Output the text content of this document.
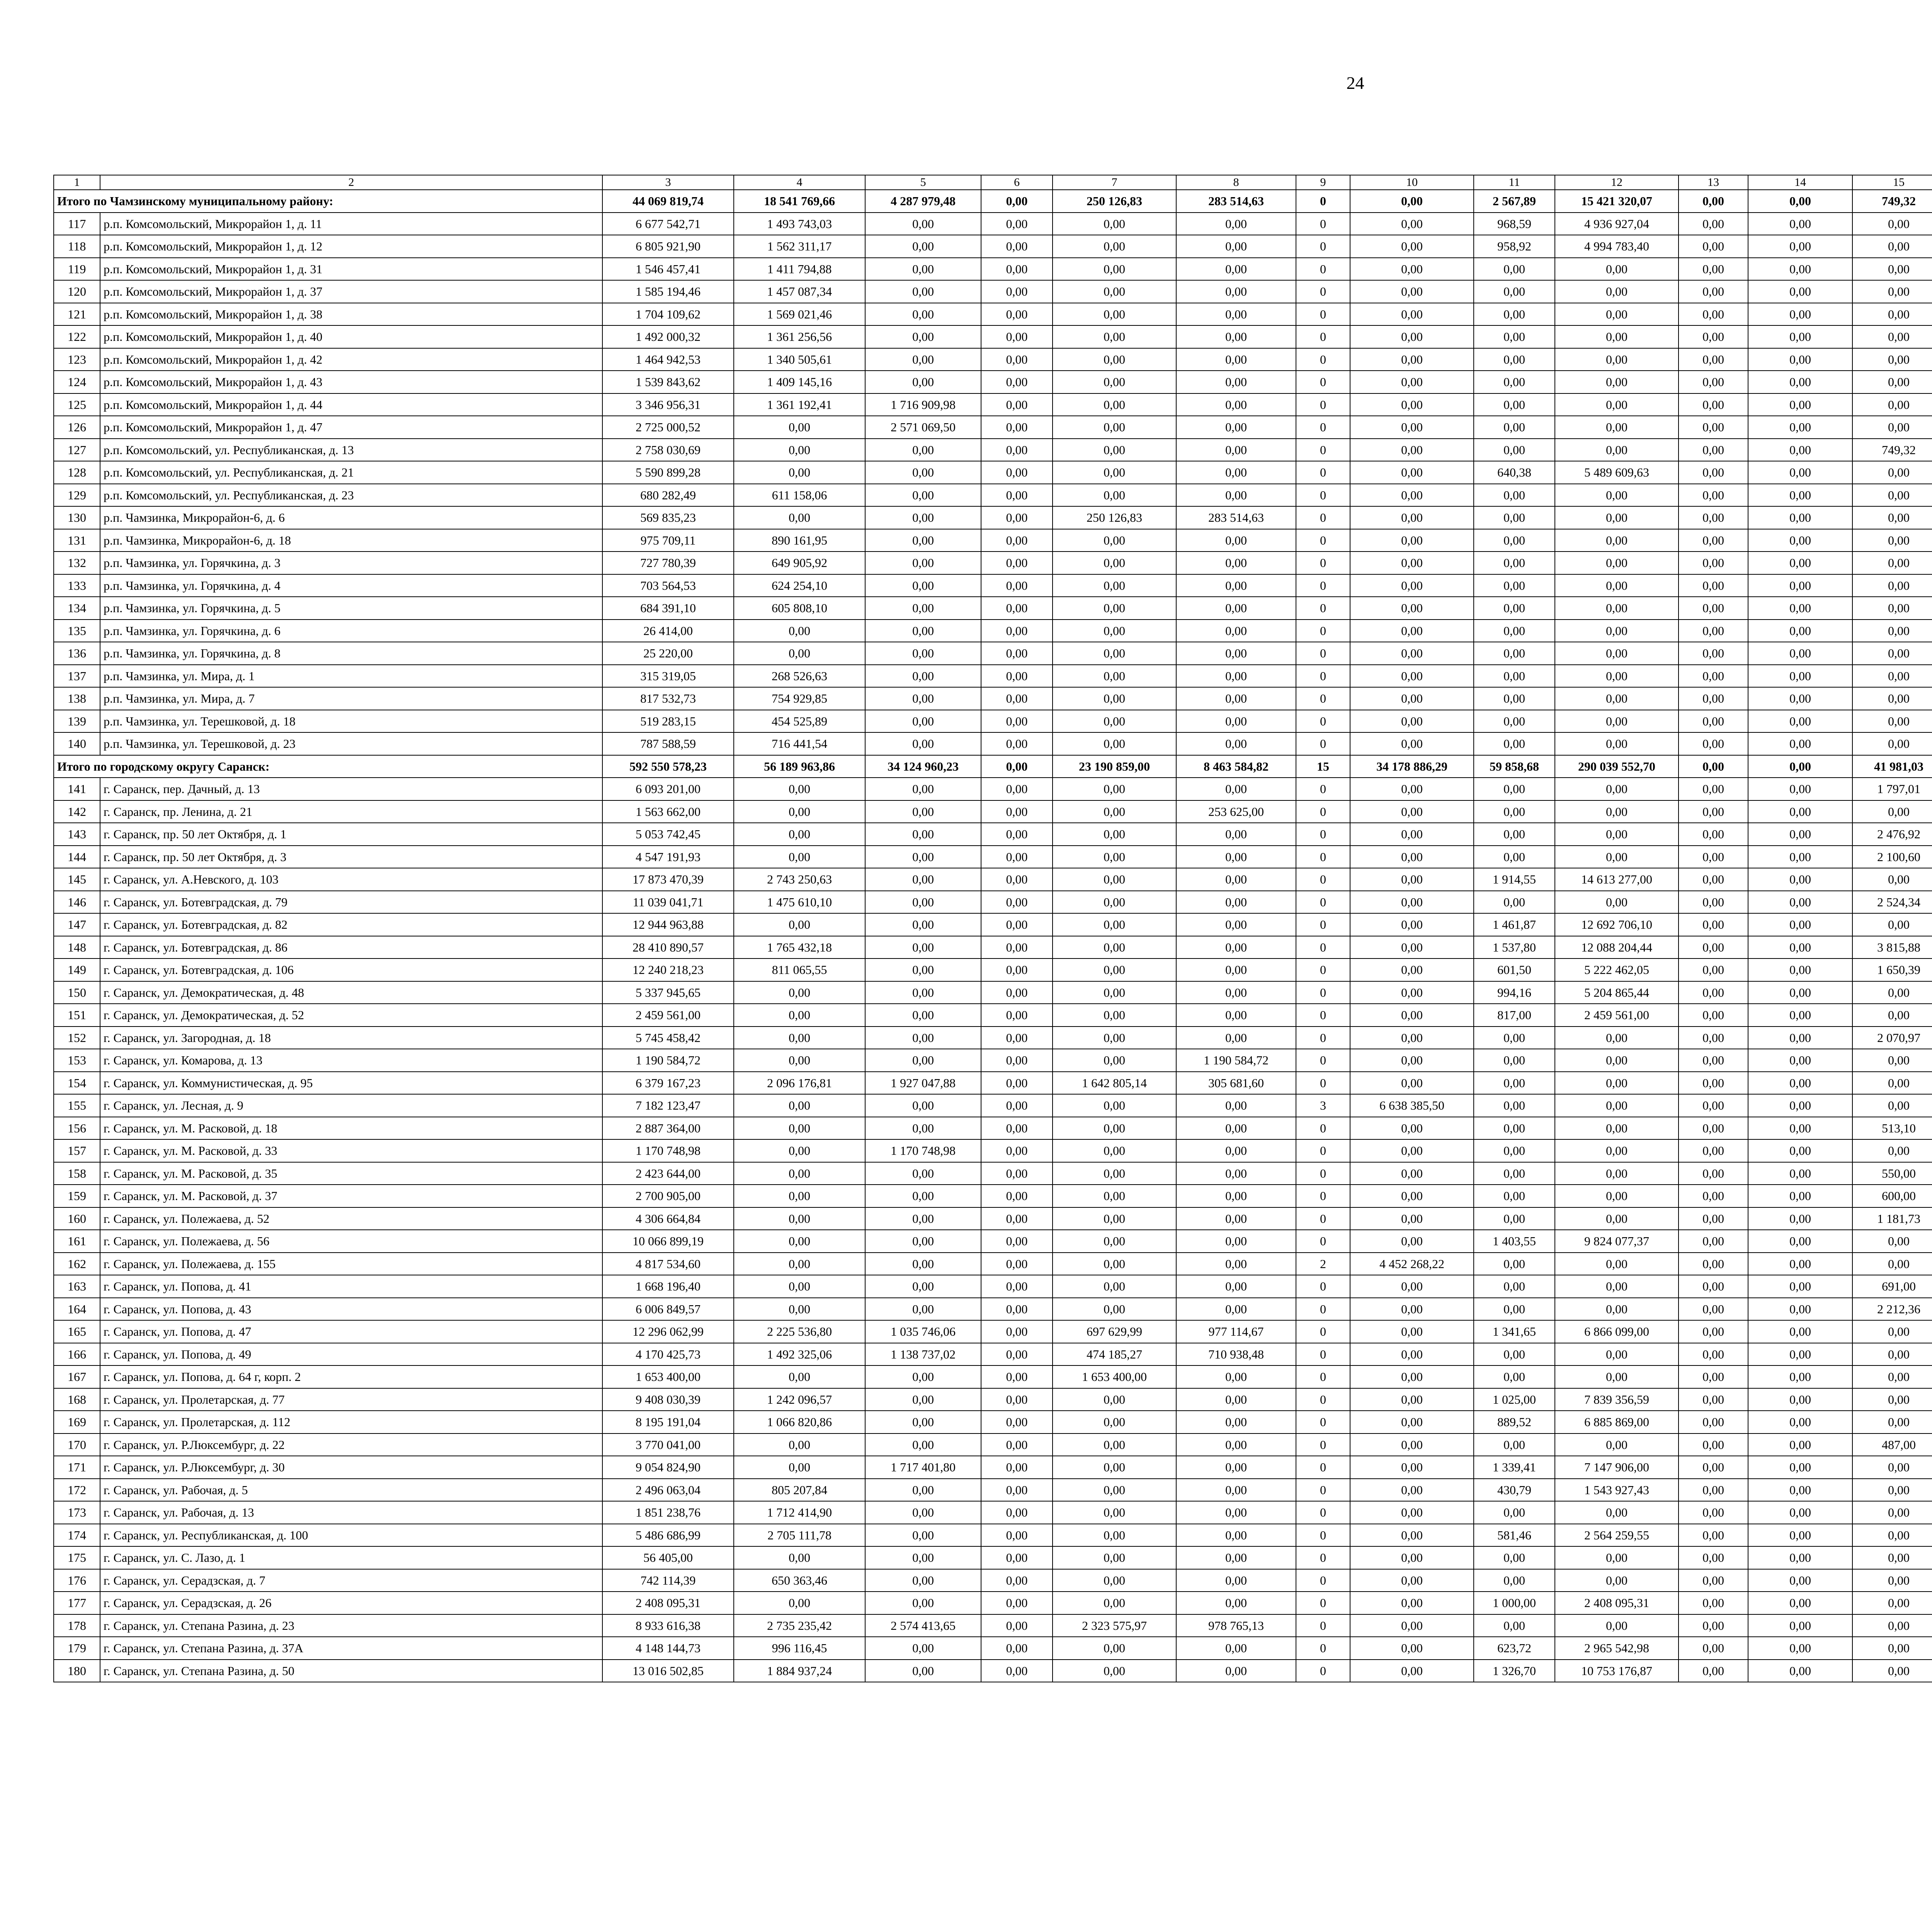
24
1	2	3	4	5	6	7	8	9	10	11	12	13	14	15						
Итого по Чамзинскому муниципальному району:		44 069 819,74	18 541 769,66	4 287 979,48	0,00	250 126,83	283 514,63	0	0,00	2 567,89	15 421 320,07	0,00	0,00	749,32						
117	р.п. Комсомольский, Микрорайон 1, д. 11	6 677 542,71	1 493 743,03	0,00	0,00	0,00	0,00	0	0,00	968,59	4 936 927,04	0,00	0,00	0,00						
118	р.п. Комсомольский, Микрорайон 1, д. 12	6 805 921,90	1 562 311,17	0,00	0,00	0,00	0,00	0	0,00	958,92	4 994 783,40	0,00	0,00	0,00						
119	р.п. Комсомольский, Микрорайон 1, д. 31	1 546 457,41	1 411 794,88	0,00	0,00	0,00	0,00	0	0,00	0,00	0,00	0,00	0,00	0,00						
120	р.п. Комсомольский, Микрорайон 1, д. 37	1 585 194,46	1 457 087,34	0,00	0,00	0,00	0,00	0	0,00	0,00	0,00	0,00	0,00	0,00						
121	р.п. Комсомольский, Микрорайон 1, д. 38	1 704 109,62	1 569 021,46	0,00	0,00	0,00	0,00	0	0,00	0,00	0,00	0,00	0,00	0,00						
122	р.п. Комсомольский, Микрорайон 1, д. 40	1 492 000,32	1 361 256,56	0,00	0,00	0,00	0,00	0	0,00	0,00	0,00	0,00	0,00	0,00						
123	р.п. Комсомольский, Микрорайон 1, д. 42	1 464 942,53	1 340 505,61	0,00	0,00	0,00	0,00	0	0,00	0,00	0,00	0,00	0,00	0,00						
124	р.п. Комсомольский, Микрорайон 1, д. 43	1 539 843,62	1 409 145,16	0,00	0,00	0,00	0,00	0	0,00	0,00	0,00	0,00	0,00	0,00						
125	р.п. Комсомольский, Микрорайон 1, д. 44	3 346 956,31	1 361 192,41	1 716 909,98	0,00	0,00	0,00	0	0,00	0,00	0,00	0,00	0,00	0,00						
126	р.п. Комсомольский, Микрорайон 1, д. 47	2 725 000,52	0,00	2 571 069,50	0,00	0,00	0,00	0	0,00	0,00	0,00	0,00	0,00	0,00						
127	р.п. Комсомольский, ул. Республиканская, д. 13	2 758 030,69	0,00	0,00	0,00	0,00	0,00	0	0,00	0,00	0,00	0,00	0,00	749,32						
128	р.п. Комсомольский, ул. Республиканская, д. 21	5 590 899,28	0,00	0,00	0,00	0,00	0,00	0	0,00	640,38	5 489 609,63	0,00	0,00	0,00						
129	р.п. Комсомольский, ул. Республиканская, д. 23	680 282,49	611 158,06	0,00	0,00	0,00	0,00	0	0,00	0,00	0,00	0,00	0,00	0,00						
130	р.п. Чамзинка, Микрорайон-6, д. 6	569 835,23	0,00	0,00	0,00	250 126,83	283 514,63	0	0,00	0,00	0,00	0,00	0,00	0,00						
131	р.п. Чамзинка, Микрорайон-6, д. 18	975 709,11	890 161,95	0,00	0,00	0,00	0,00	0	0,00	0,00	0,00	0,00	0,00	0,00						
132	р.п. Чамзинка, ул. Горячкина, д. 3	727 780,39	649 905,92	0,00	0,00	0,00	0,00	0	0,00	0,00	0,00	0,00	0,00	0,00						
133	р.п. Чамзинка, ул. Горячкина, д. 4	703 564,53	624 254,10	0,00	0,00	0,00	0,00	0	0,00	0,00	0,00	0,00	0,00	0,00						
134	р.п. Чамзинка, ул. Горячкина, д. 5	684 391,10	605 808,10	0,00	0,00	0,00	0,00	0	0,00	0,00	0,00	0,00	0,00	0,00						
135	р.п. Чамзинка, ул. Горячкина, д. 6	26 414,00	0,00	0,00	0,00	0,00	0,00	0	0,00	0,00	0,00	0,00	0,00	0,00						
136	р.п. Чамзинка, ул. Горячкина, д. 8	25 220,00	0,00	0,00	0,00	0,00	0,00	0	0,00	0,00	0,00	0,00	0,00	0,00						
137	р.п. Чамзинка, ул. Мира, д. 1	315 319,05	268 526,63	0,00	0,00	0,00	0,00	0	0,00	0,00	0,00	0,00	0,00	0,00						
138	р.п. Чамзинка, ул. Мира, д. 7	817 532,73	754 929,85	0,00	0,00	0,00	0,00	0	0,00	0,00	0,00	0,00	0,00	0,00						
139	р.п. Чамзинка, ул. Терешковой, д. 18	519 283,15	454 525,89	0,00	0,00	0,00	0,00	0	0,00	0,00	0,00	0,00	0,00	0,00						
140	р.п. Чамзинка, ул. Терешковой, д. 23	787 588,59	716 441,54	0,00	0,00	0,00	0,00	0	0,00	0,00	0,00	0,00	0,00	0,00						
Итого по городскому округу Саранск:		592 550 578,23	56 189 963,86	34 124 960,23	0,00	23 190 859,00	8 463 584,82	15	34 178 886,29	59 858,68	290 039 552,70	0,00	0,00	41 981,03						
141	г. Саранск, пер. Дачный, д. 13	6 093 201,00	0,00	0,00	0,00	0,00	0,00	0	0,00	0,00	0,00	0,00	0,00	1 797,01						
142	г. Саранск, пр. Ленина, д. 21	1 563 662,00	0,00	0,00	0,00	0,00	253 625,00	0	0,00	0,00	0,00	0,00	0,00	0,00						
143	г. Саранск, пр. 50 лет Октября, д. 1	5 053 742,45	0,00	0,00	0,00	0,00	0,00	0	0,00	0,00	0,00	0,00	0,00	2 476,92						
144	г. Саранск, пр. 50 лет Октября, д. 3	4 547 191,93	0,00	0,00	0,00	0,00	0,00	0	0,00	0,00	0,00	0,00	0,00	2 100,60						
145	г. Саранск, ул. А.Невского, д. 103	17 873 470,39	2 743 250,63	0,00	0,00	0,00	0,00	0	0,00	1 914,55	14 613 277,00	0,00	0,00	0,00						
146	г. Саранск, ул. Ботевградская, д. 79	11 039 041,71	1 475 610,10	0,00	0,00	0,00	0,00	0	0,00	0,00	0,00	0,00	0,00	2 524,34						
147	г. Саранск, ул. Ботевградская, д. 82	12 944 963,88	0,00	0,00	0,00	0,00	0,00	0	0,00	1 461,87	12 692 706,10	0,00	0,00	0,00						
148	г. Саранск, ул. Ботевградская, д. 86	28 410 890,57	1 765 432,18	0,00	0,00	0,00	0,00	0	0,00	1 537,80	12 088 204,44	0,00	0,00	3 815,88						
149	г. Саранск, ул. Ботевградская, д. 106	12 240 218,23	811 065,55	0,00	0,00	0,00	0,00	0	0,00	601,50	5 222 462,05	0,00	0,00	1 650,39						
150	г. Саранск, ул. Демократическая, д. 48	5 337 945,65	0,00	0,00	0,00	0,00	0,00	0	0,00	994,16	5 204 865,44	0,00	0,00	0,00						
151	г. Саранск, ул. Демократическая, д. 52	2 459 561,00	0,00	0,00	0,00	0,00	0,00	0	0,00	817,00	2 459 561,00	0,00	0,00	0,00						
152	г. Саранск, ул. Загородная, д. 18	5 745 458,42	0,00	0,00	0,00	0,00	0,00	0	0,00	0,00	0,00	0,00	0,00	2 070,97						
153	г. Саранск, ул. Комарова, д. 13	1 190 584,72	0,00	0,00	0,00	0,00	1 190 584,72	0	0,00	0,00	0,00	0,00	0,00	0,00						
154	г. Саранск, ул. Коммунистическая, д. 95	6 379 167,23	2 096 176,81	1 927 047,88	0,00	1 642 805,14	305 681,60	0	0,00	0,00	0,00	0,00	0,00	0,00						
155	г. Саранск, ул. Лесная, д. 9	7 182 123,47	0,00	0,00	0,00	0,00	0,00	3	6 638 385,50	0,00	0,00	0,00	0,00	0,00						
156	г. Саранск, ул. М. Расковой, д. 18	2 887 364,00	0,00	0,00	0,00	0,00	0,00	0	0,00	0,00	0,00	0,00	0,00	513,10						
157	г. Саранск, ул. М. Расковой, д. 33	1 170 748,98	0,00	1 170 748,98	0,00	0,00	0,00	0	0,00	0,00	0,00	0,00	0,00	0,00						
158	г. Саранск, ул. М. Расковой, д. 35	2 423 644,00	0,00	0,00	0,00	0,00	0,00	0	0,00	0,00	0,00	0,00	0,00	550,00						
159	г. Саранск, ул. М. Расковой, д. 37	2 700 905,00	0,00	0,00	0,00	0,00	0,00	0	0,00	0,00	0,00	0,00	0,00	600,00						
160	г. Саранск, ул. Полежаева, д. 52	4 306 664,84	0,00	0,00	0,00	0,00	0,00	0	0,00	0,00	0,00	0,00	0,00	1 181,73						
161	г. Саранск, ул. Полежаева, д. 56	10 066 899,19	0,00	0,00	0,00	0,00	0,00	0	0,00	1 403,55	9 824 077,37	0,00	0,00	0,00						
162	г. Саранск, ул. Полежаева, д. 155	4 817 534,60	0,00	0,00	0,00	0,00	0,00	2	4 452 268,22	0,00	0,00	0,00	0,00	0,00						
163	г. Саранск, ул. Попова, д. 41	1 668 196,40	0,00	0,00	0,00	0,00	0,00	0	0,00	0,00	0,00	0,00	0,00	691,00						
164	г. Саранск, ул. Попова, д. 43	6 006 849,57	0,00	0,00	0,00	0,00	0,00	0	0,00	0,00	0,00	0,00	0,00	2 212,36						
165	г. Саранск, ул. Попова, д. 47	12 296 062,99	2 225 536,80	1 035 746,06	0,00	697 629,99	977 114,67	0	0,00	1 341,65	6 866 099,00	0,00	0,00	0,00						
166	г. Саранск, ул. Попова, д. 49	4 170 425,73	1 492 325,06	1 138 737,02	0,00	474 185,27	710 938,48	0	0,00	0,00	0,00	0,00	0,00	0,00						
167	г. Саранск, ул. Попова, д. 64 г, корп. 2	1 653 400,00	0,00	0,00	0,00	1 653 400,00	0,00	0	0,00	0,00	0,00	0,00	0,00	0,00						
168	г. Саранск, ул. Пролетарская, д. 77	9 408 030,39	1 242 096,57	0,00	0,00	0,00	0,00	0	0,00	1 025,00	7 839 356,59	0,00	0,00	0,00						
169	г. Саранск, ул. Пролетарская, д. 112	8 195 191,04	1 066 820,86	0,00	0,00	0,00	0,00	0	0,00	889,52	6 885 869,00	0,00	0,00	0,00						
170	г. Саранск, ул. Р.Люксембург, д. 22	3 770 041,00	0,00	0,00	0,00	0,00	0,00	0	0,00	0,00	0,00	0,00	0,00	487,00						
171	г. Саранск, ул. Р.Люксембург, д. 30	9 054 824,90	0,00	1 717 401,80	0,00	0,00	0,00	0	0,00	1 339,41	7 147 906,00	0,00	0,00	0,00						
172	г. Саранск, ул. Рабочая, д. 5	2 496 063,04	805 207,84	0,00	0,00	0,00	0,00	0	0,00	430,79	1 543 927,43	0,00	0,00	0,00						
173	г. Саранск, ул. Рабочая, д. 13	1 851 238,76	1 712 414,90	0,00	0,00	0,00	0,00	0	0,00	0,00	0,00	0,00	0,00	0,00						
174	г. Саранск, ул. Республиканская, д. 100	5 486 686,99	2 705 111,78	0,00	0,00	0,00	0,00	0	0,00	581,46	2 564 259,55	0,00	0,00	0,00						
175	г. Саранск, ул. С. Лазо, д. 1	56 405,00	0,00	0,00	0,00	0,00	0,00	0	0,00	0,00	0,00	0,00	0,00	0,00						
176	г. Саранск, ул. Серадзская, д. 7	742 114,39	650 363,46	0,00	0,00	0,00	0,00	0	0,00	0,00	0,00	0,00	0,00	0,00						
177	г. Саранск, ул. Серадзская, д. 26	2 408 095,31	0,00	0,00	0,00	0,00	0,00	0	0,00	1 000,00	2 408 095,31	0,00	0,00	0,00						
178	г. Саранск, ул. Степана Разина, д. 23	8 933 616,38	2 735 235,42	2 574 413,65	0,00	2 323 575,97	978 765,13	0	0,00	0,00	0,00	0,00	0,00	0,00						
179	г. Саранск, ул. Степана Разина, д. 37А	4 148 144,73	996 116,45	0,00	0,00	0,00	0,00	0	0,00	623,72	2 965 542,98	0,00	0,00	0,00						
180	г. Саранск, ул. Степана Разина, д. 50	13 016 502,85	1 884 937,24	0,00	0,00	0,00	0,00	0	0,00	1 326,70	10 753 176,87	0,00	0,00	0,00						
